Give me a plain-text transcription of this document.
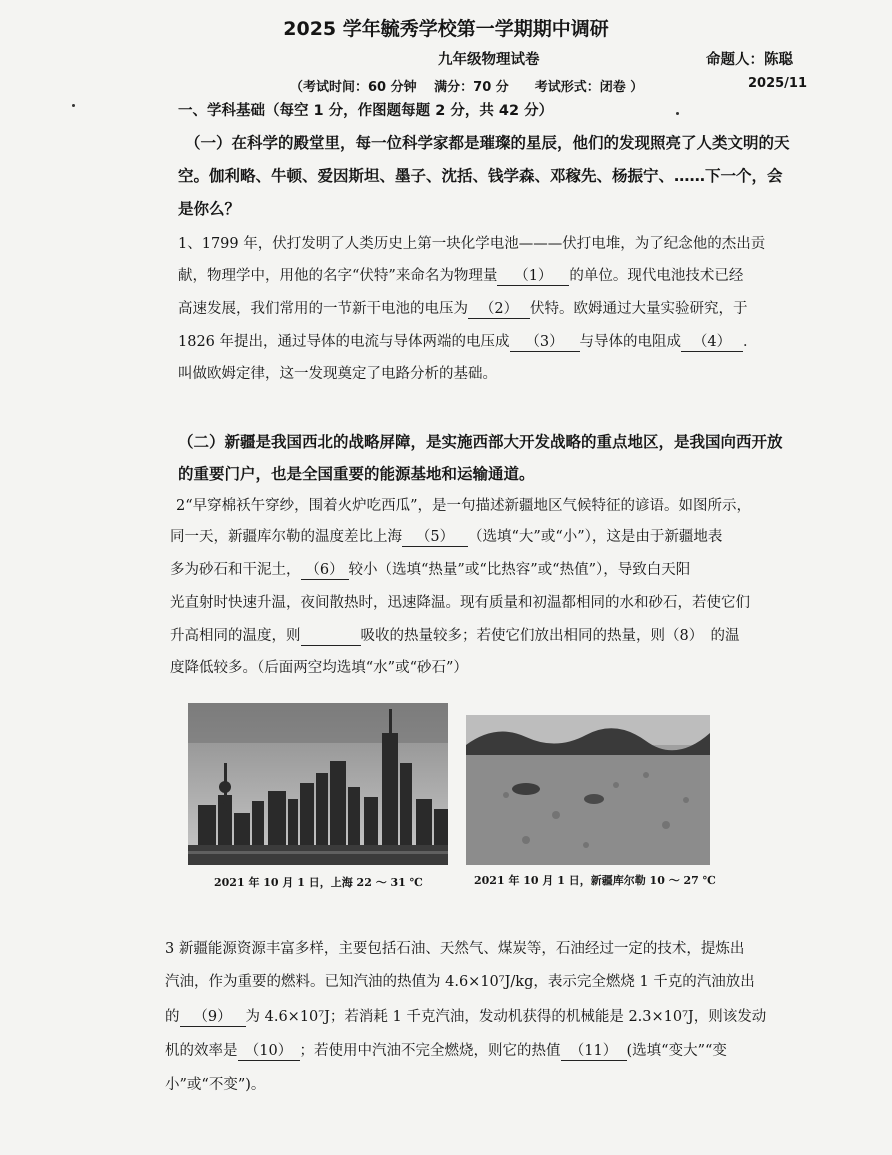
2025 学年毓秀学校第一学期期中调研
九年级物理试卷	命题人：陈聪
（考试时间：60 分钟　 满分：70 分　　考试形式：闭卷 ）	2025/11
一、学科基础（每空 1 分，作图题每题 2 分，共 42 分）
（一）在科学的殿堂里，每一位科学家都是璀璨的星辰，他们的发现照亮了人类文明的天
空。伽利略、牛顿、爱因斯坦、墨子、沈括、钱学森、邓稼先、杨振宁、……下一个，会
是你么？
1、1799 年，伏打发明了人类历史上第一块化学电池———伏打电堆，为了纪念他的杰出贡
献，物理学中，用他的名字“伏特”来命名为物理量 （1） 的单位。现代电池技术已经
高速发展，我们常用的一节新干电池的电压为 （2） 伏特。欧姆通过大量实验研究，于
1826 年提出，通过导体的电流与导体两端的电压成 （3） 与导体的电阻成 （4） ．
叫做欧姆定律，这一发现奠定了电路分析的基础。
（二）新疆是我国西北的战略屏障，是实施西部大开发战略的重点地区，是我国向西开放
的重要门户，也是全国重要的能源基地和运输通道。
2“早穿棉袄午穿纱，围着火炉吃西瓜”，是一句描述新疆地区气候特征的谚语。如图所示，
同一天，新疆库尔勒的温度差比上海 （5） （选填“大”或“小”），这是由于新疆地表
多为砂石和干泥土， （6） 较小（选填“热量”或“比热容”或“热值”），导致白天阳
光直射时快速升温，夜间散热时，迅速降温。现有质量和初温都相同的水和砂石，若使它们
升高相同的温度，则	吸收的热量较多；若使它们放出相同的热量，则（8）　的温
度降低较多。（后面两空均选填“水”或“砂石”）
2021 年 10 月 1 日，上海 22 ～ 31 ℃	2021 年 10 月 1 日，新疆库尔勒 10 ～ 27 ℃
3 新疆能源资源丰富多样，主要包括石油、天然气、煤炭等，石油经过一定的技术，提炼出
汽油，作为重要的燃料。已知汽油的热值为 4.6×10⁷J/kg，表示完全燃烧 1 千克的汽油放出
的 （9） 为 4.6×10⁷J；若消耗 1 千克汽油，发动机获得的机械能是 2.3×10⁷J，则该发动
机的效率是 （10） ；若使用中汽油不完全燃烧，则它的热值 （11） (选填“变大”“变
小”或“不变”)。
